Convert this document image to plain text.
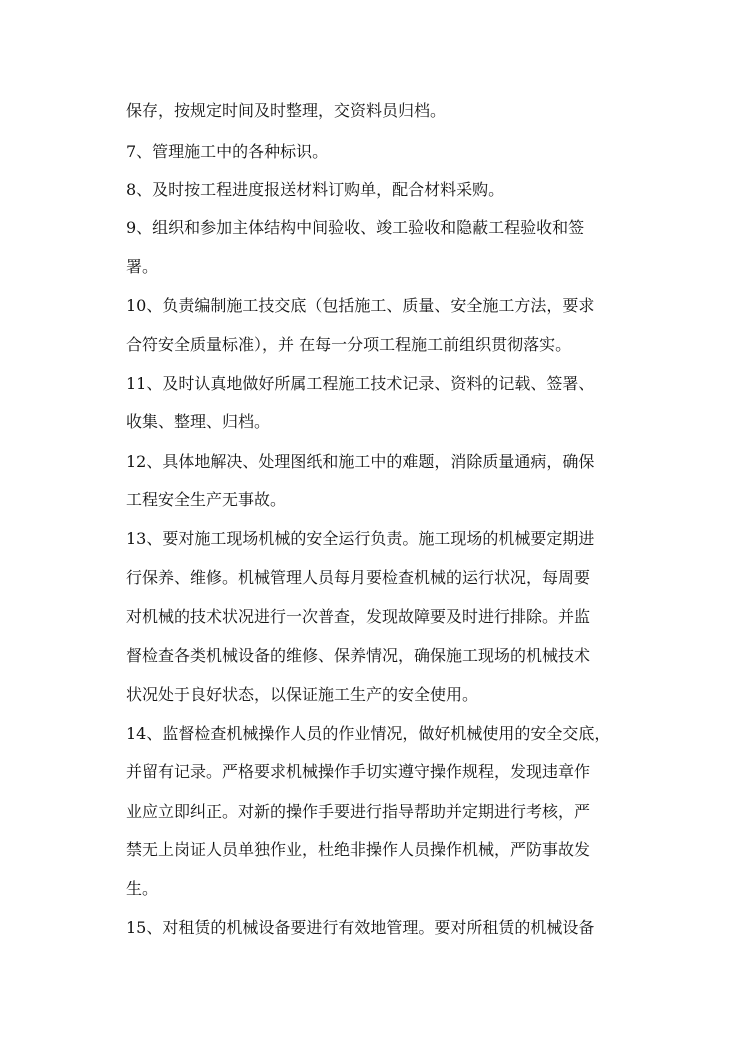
保存，按规定时间及时整理，交资料员归档。
7、管理施工中的各种标识。
8、及时按工程进度报送材料订购单，配合材料采购。
9、组织和参加主体结构中间验收、竣工验收和隐蔽工程验收和签
署。
10、负责编制施工技交底（包括施工、质量、安全施工方法，要求
合符安全质量标准），并 在每一分项工程施工前组织贯彻落实。
11、及时认真地做好所属工程施工技术记录、资料的记载、签署、
收集、整理、归档。
12、具体地解决、处理图纸和施工中的难题，消除质量通病，确保
工程安全生产无事故。
13、要对施工现场机械的安全运行负责。施工现场的机械要定期进
行保养、维修。机械管理人员每月要检查机械的运行状况，每周要
对机械的技术状况进行一次普查，发现故障要及时进行排除。并监
督检查各类机械设备的维修、保养情况，确保施工现场的机械技术
状况处于良好状态，以保证施工生产的安全使用。
14、监督检查机械操作人员的作业情况，做好机械使用的安全交底，
并留有记录。严格要求机械操作手切实遵守操作规程，发现违章作
业应立即纠正。对新的操作手要进行指导帮助并定期进行考核，严
禁无上岗证人员单独作业，杜绝非操作人员操作机械，严防事故发
生。
15、对租赁的机械设备要进行有效地管理。要对所租赁的机械设备
